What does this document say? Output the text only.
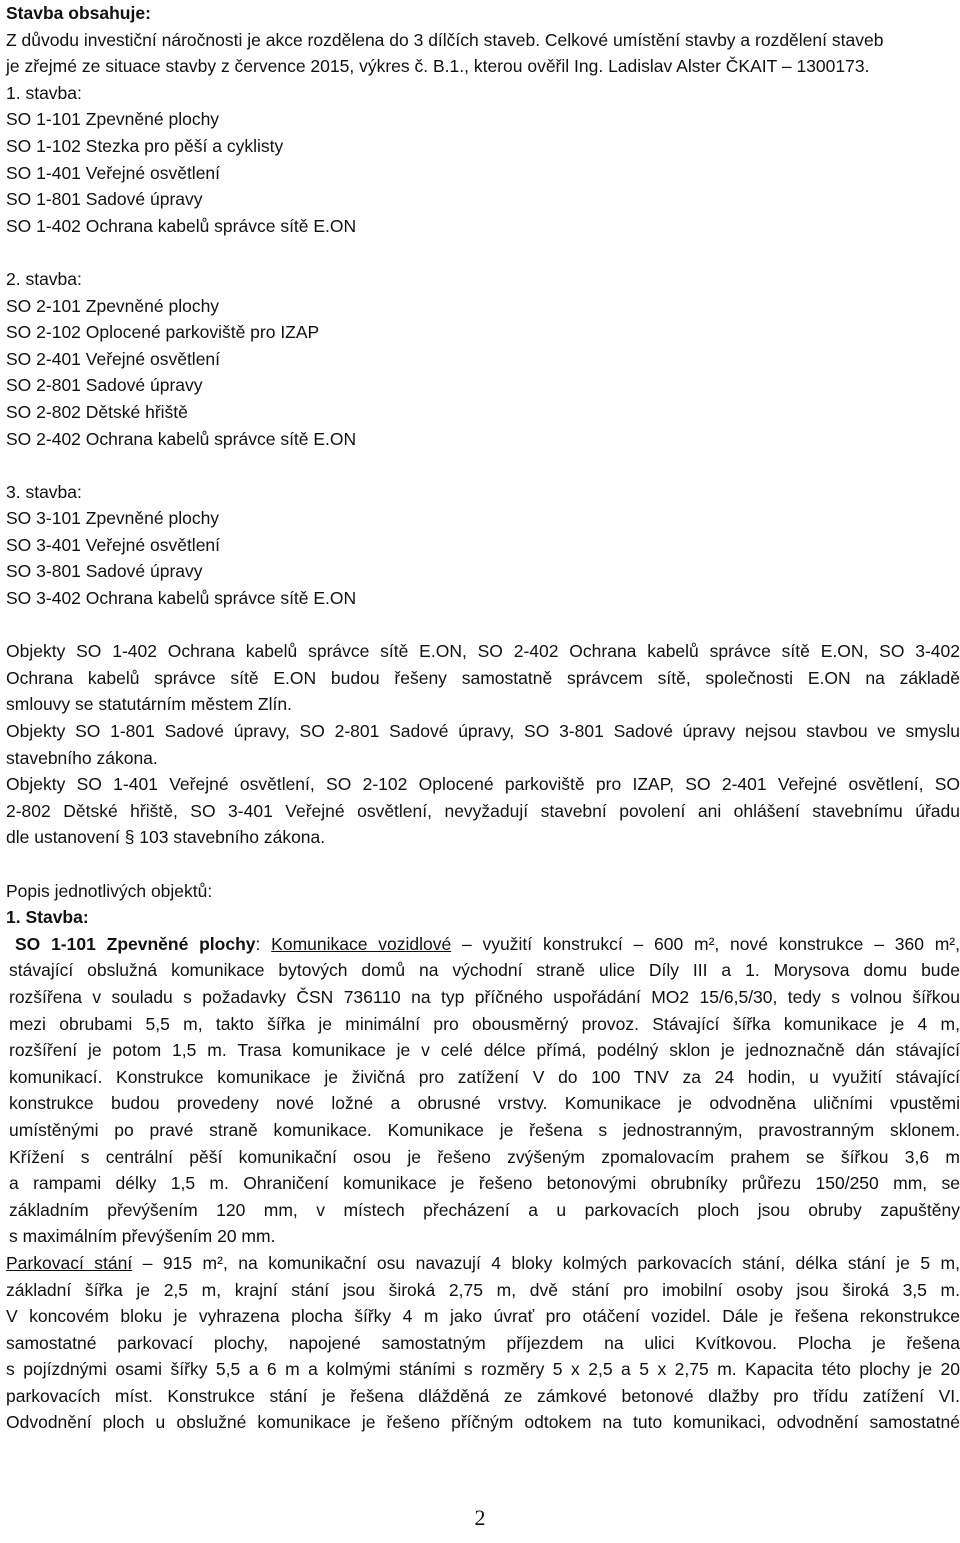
Stavba obsahuje:
Z důvodu investiční náročnosti je akce rozdělena do 3 dílčích staveb. Celkové umístění stavby a rozdělení staveb
je zřejmé ze situace stavby z července 2015, výkres č. B.1., kterou ověřil Ing. Ladislav Alster ČKAIT – 1300173.
1. stavba:
SO 1-101 Zpevněné plochy
SO 1-102 Stezka pro pěší a cyklisty
SO 1-401 Veřejné osvětlení
SO 1-801 Sadové úpravy
SO 1-402 Ochrana kabelů správce sítě E.ON
2. stavba:
SO 2-101 Zpevněné plochy
SO 2-102 Oplocené parkoviště pro IZAP
SO 2-401 Veřejné osvětlení
SO 2-801 Sadové úpravy
SO 2-802 Dětské hřiště
SO 2-402 Ochrana kabelů správce sítě E.ON
3. stavba:
SO 3-101 Zpevněné plochy
SO 3-401 Veřejné osvětlení
SO 3-801 Sadové úpravy
SO 3-402 Ochrana kabelů správce sítě E.ON
Objekty SO 1-402 Ochrana kabelů správce sítě E.ON, SO 2-402 Ochrana kabelů správce sítě E.ON, SO 3-402
Ochrana kabelů správce sítě E.ON budou řešeny samostatně správcem sítě, společnosti E.ON na základě
smlouvy se statutárním městem Zlín.
Objekty SO 1-801 Sadové úpravy, SO 2-801 Sadové úpravy, SO 3-801 Sadové úpravy nejsou stavbou ve smyslu
stavebního zákona.
Objekty SO 1-401 Veřejné osvětlení, SO 2-102 Oplocené parkoviště pro IZAP, SO 2-401 Veřejné osvětlení, SO
2-802 Dětské hřiště, SO 3-401 Veřejné osvětlení, nevyžadují stavební povolení ani ohlášení stavebnímu úřadu
dle ustanovení § 103 stavebního zákona.
Popis jednotlivých objektů:
1. Stavba:
SO 1-101 Zpevněné plochy: Komunikace vozidlové – využití konstrukcí – 600 m², nové konstrukce – 360 m²,
stávající obslužná komunikace bytových domů na východní straně ulice Díly III a 1. Morysova domu bude
rozšířena v souladu s požadavky ČSN 736110 na typ příčného uspořádání MO2 15/6,5/30, tedy s volnou šířkou
mezi obrubami 5,5 m, takto šířka je minimální pro obousměrný provoz. Stávající šířka komunikace je 4 m,
rozšíření je potom 1,5 m. Trasa komunikace je v celé délce přímá, podélný sklon je jednoznačně dán stávající
komunikací. Konstrukce komunikace je živičná pro zatížení V do 100 TNV za 24 hodin, u využití stávající
konstrukce budou provedeny nové ložné a obrusné vrstvy. Komunikace je odvodněna uličními vpustěmi
umístěnými po pravé straně komunikace. Komunikace je řešena s jednostranným, pravostranným sklonem.
Křížení s centrální pěší komunikační osou je řešeno zvýšeným zpomalovacím prahem se šířkou 3,6 m
a rampami délky 1,5 m. Ohraničení komunikace je řešeno betonovými obrubníky průřezu 150/250 mm, se
základním převýšením 120 mm, v místech přecházení a u parkovacích ploch jsou obruby zapuštěny
s maximálním převýšením 20 mm.
Parkovací stání – 915 m², na komunikační osu navazují 4 bloky kolmých parkovacích stání, délka stání je 5 m,
základní šířka je 2,5 m, krajní stání jsou široká 2,75 m, dvě stání pro imobilní osoby jsou široká 3,5 m.
V koncovém bloku je vyhrazena plocha šířky 4 m jako úvrať pro otáčení vozidel. Dále je řešena rekonstrukce
samostatné parkovací plochy, napojené samostatným příjezdem na ulici Kvítkovou. Plocha je řešena
s pojízdnými osami šířky 5,5 a 6 m a kolmými stáními s rozměry 5 x 2,5 a 5 x 2,75 m. Kapacita této plochy je 20
parkovacích míst. Konstrukce stání je řešena dlážděná ze zámkové betonové dlažby pro třídu zatížení VI.
Odvodnění ploch u obslužné komunikace je řešeno příčným odtokem na tuto komunikaci, odvodnění samostatné
2
